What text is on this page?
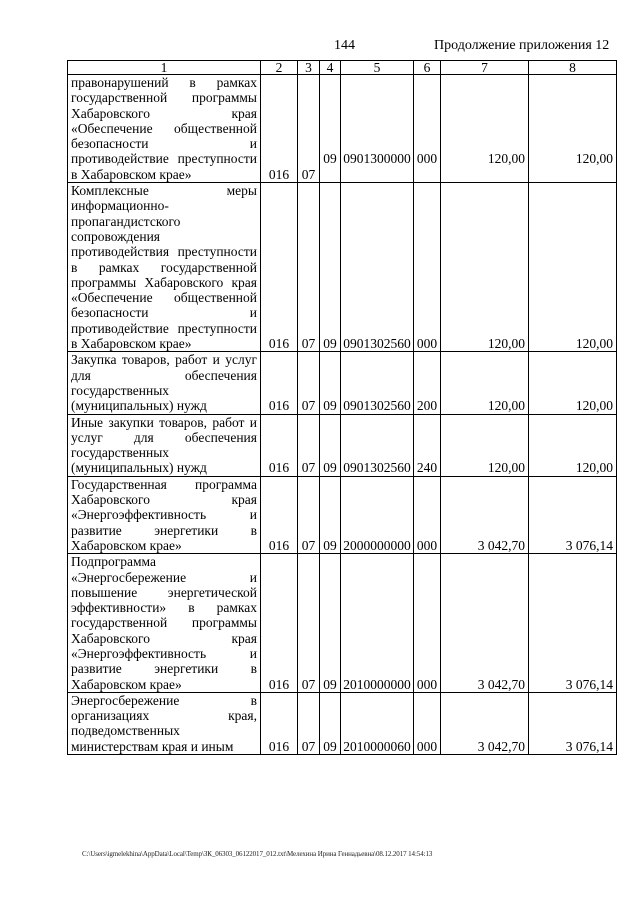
144	Продолжение приложения 12
1	2	3	4	5	6	7	8
правонарушений в рамках государственной программы Хабаровского края «Обеспечение общественной безопасности и противодействие преступности в Хабаровском крае»	016	07	09	0901300000	000	120,00	120,00
Комплексные меры информационно-пропагандистского сопровождения противодействия преступности в рамках государственной программы Хабаровского края «Обеспечение общественной безопасности и противодействие преступности в Хабаровском крае»	016	07	09	0901302560	000	120,00	120,00
Закупка товаров, работ и услуг для обеспечения государственных (муниципальных) нужд	016	07	09	0901302560	200	120,00	120,00
Иные закупки товаров, работ и услуг для обеспечения государственных (муниципальных) нужд	016	07	09	0901302560	240	120,00	120,00
Государственная программа Хабаровского края «Энергоэффективность и развитие энергетики в Хабаровском крае»	016	07	09	2000000000	000	3 042,70	3 076,14
Подпрограмма «Энергосбережение и повышение энергетической эффективности» в рамках государственной программы Хабаровского края «Энергоэффективность и развитие энергетики в Хабаровском крае»	016	07	09	2010000000	000	3 042,70	3 076,14
Энергосбережение в организациях края, подведомственных министерствам края и иным	016	07	09	2010000060	000	3 042,70	3 076,14
C:\Users\igmelekhina\AppData\Local\Temp\ЗК_06303_06122017_012.txt\Мелехина Ирина Геннадьевна\08.12.2017 14:54:13
